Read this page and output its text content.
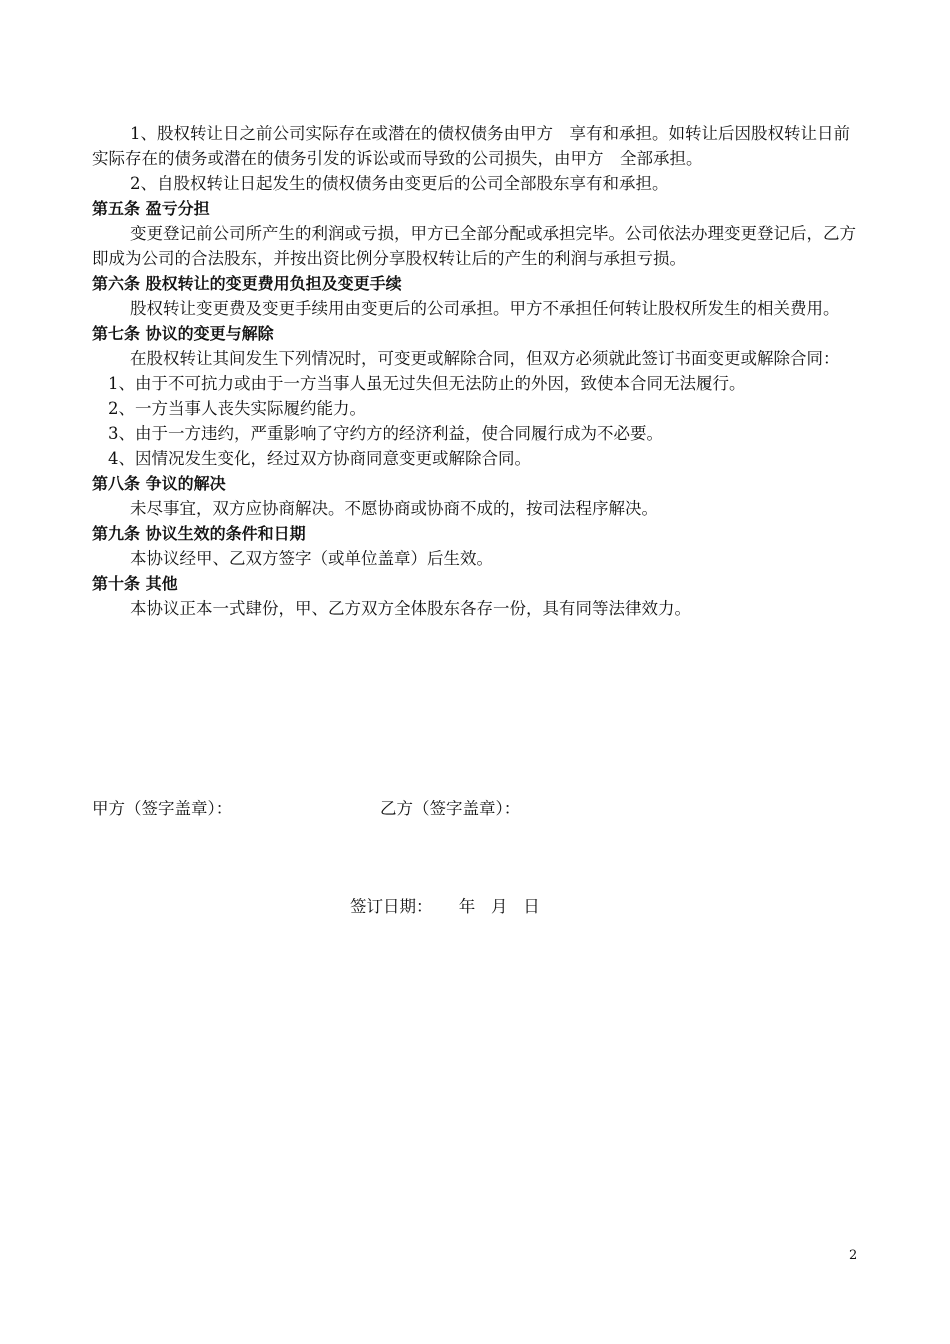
1、股权转让日之前公司实际存在或潜在的债权债务由甲方　享有和承担。如转让后因股权转让日前实际存在的债务或潜在的债务引发的诉讼或而导致的公司损失，由甲方　全部承担。

2、自股权转让日起发生的债权债务由变更后的公司全部股东享有和承担。

第五条 盈亏分担

变更登记前公司所产生的利润或亏损，甲方已全部分配或承担完毕。公司依法办理变更登记后，乙方即成为公司的合法股东，并按出资比例分享股权转让后的产生的利润与承担亏损。

第六条 股权转让的变更费用负担及变更手续

股权转让变更费及变更手续用由变更后的公司承担。甲方不承担任何转让股权所发生的相关费用。

第七条 协议的变更与解除

在股权转让其间发生下列情况时，可变更或解除合同，但双方必须就此签订书面变更或解除合同：

1、由于不可抗力或由于一方当事人虽无过失但无法防止的外因，致使本合同无法履行。

2、一方当事人丧失实际履约能力。

3、由于一方违约，严重影响了守约方的经济利益，使合同履行成为不必要。

4、因情况发生变化，经过双方协商同意变更或解除合同。

第八条 争议的解决

未尽事宜，双方应协商解决。不愿协商或协商不成的，按司法程序解决。

第九条 协议生效的条件和日期

本协议经甲、乙双方签字（或单位盖章）后生效。

第十条 其他

本协议正本一式肆份，甲、乙方双方全体股东各存一份，具有同等法律效力。

甲方（签字盖章）：	乙方（签字盖章）：
签订日期：     年   月   日
2
